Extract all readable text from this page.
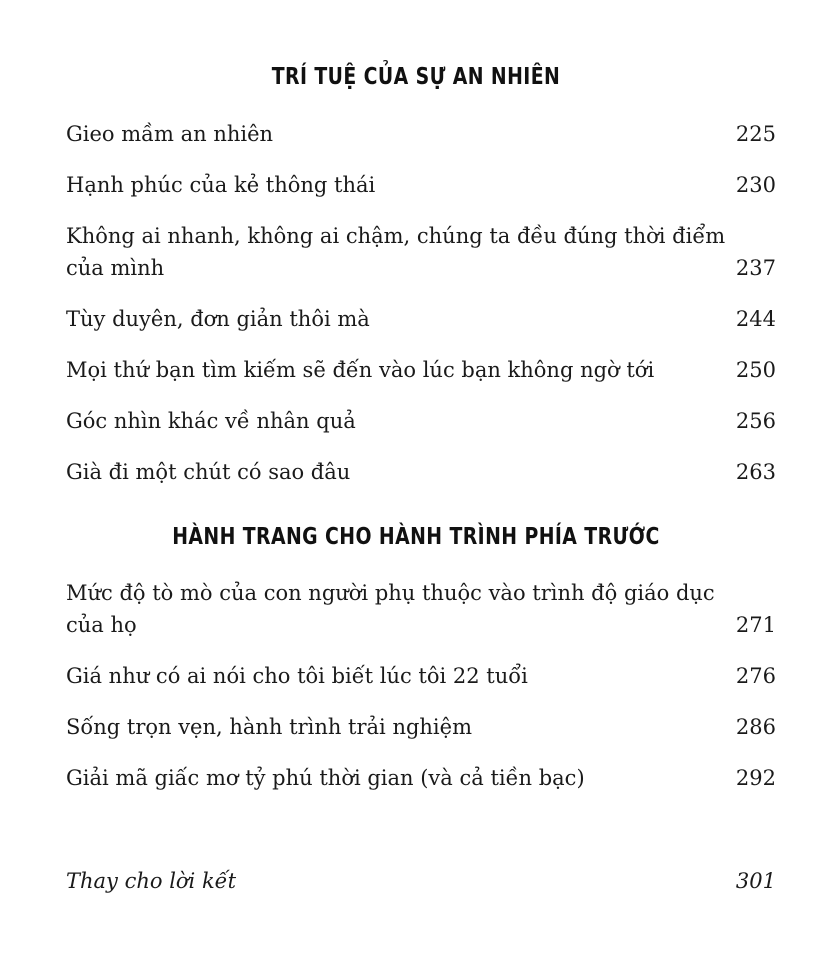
TRÍ TUỆ CỦA SỰ AN NHIÊN
Gieo mầm an nhiên	225
Hạnh phúc của kẻ thông thái	230
Không ai nhanh, không ai chậm, chúng ta đều đúng thời điểm của mình	237
Tùy duyên, đơn giản thôi mà	244
Mọi thứ bạn tìm kiếm sẽ đến vào lúc bạn không ngờ tới	250
Góc nhìn khác về nhân quả	256
Già đi một chút có sao đâu	263
HÀNH TRANG CHO HÀNH TRÌNH PHÍA TRƯỚC
Mức độ tò mò của con người phụ thuộc vào trình độ giáo dục của họ	271
Giá như có ai nói cho tôi biết lúc tôi 22 tuổi	276
Sống trọn vẹn, hành trình trải nghiệm	286
Giải mã giấc mơ tỷ phú thời gian (và cả tiền bạc)	292
Thay cho lời kết	301
